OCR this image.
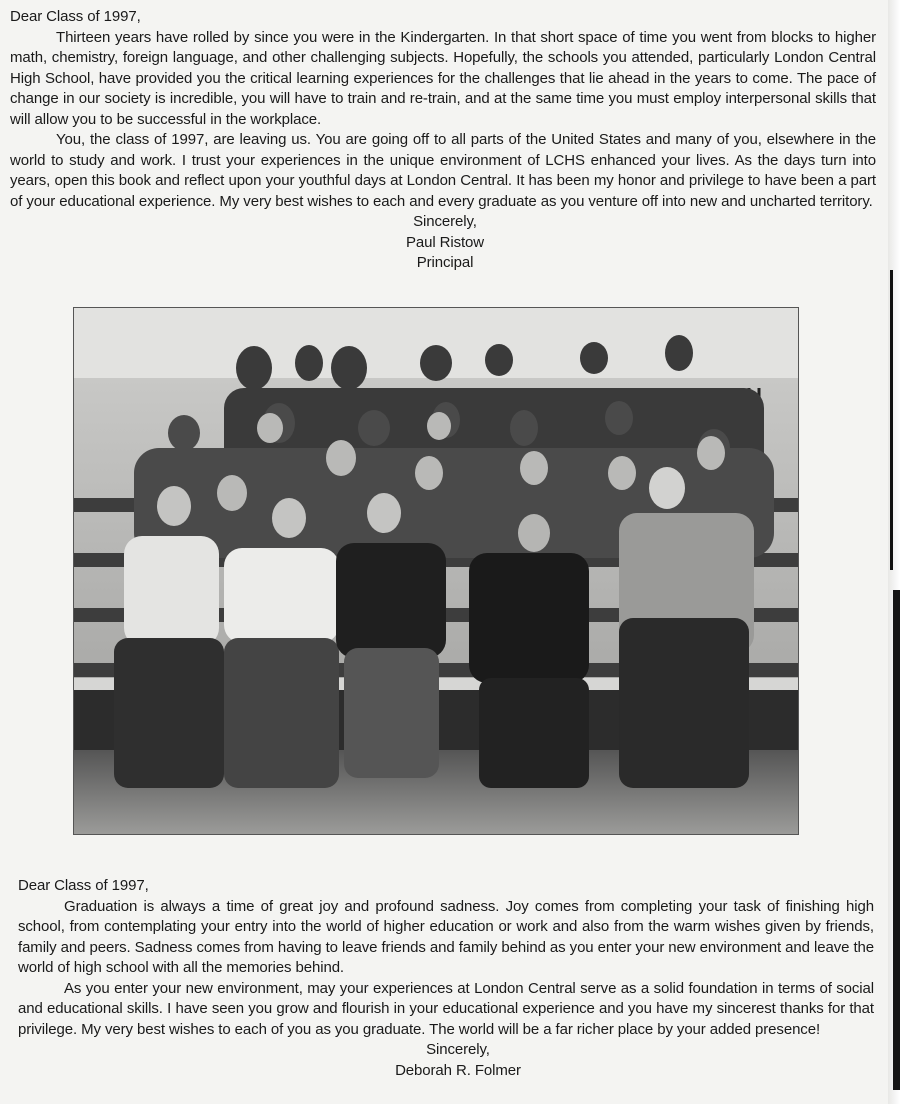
Dear Class of 1997,

Thirteen years have rolled by since you were in the Kindergarten. In that short space of time you went from blocks to higher math, chemistry, foreign language, and other challenging subjects. Hopefully, the schools you attended, particularly London Central High School, have provided you the critical learning experiences for the challenges that lie ahead in the years to come. The pace of change in our society is incredible, you will have to train and re-train, and at the same time you must employ interpersonal skills that will allow you to be successful in the workplace.

You, the class of 1997, are leaving us. You are going off to all parts of the United States and many of you, elsewhere in the world to study and work. I trust your experiences in the unique environment of LCHS enhanced your lives. As the days turn into years, open this book and reflect upon your youthful days at London Central. It has been my honor and privilege to have been a part of your educational experience. My very best wishes to each and every graduate as you venture off into new and uncharted territory.

Sincerely,
Paul Ristow
Principal
Dear Class of 1997,

Graduation is always a time of great joy and profound sadness. Joy comes from completing your task of finishing high school, from contemplating your entry into the world of higher education or work and also from the warm wishes given by friends, family and peers. Sadness comes from having to leave friends and family behind as you enter your new environment and leave the world of high school with all the memories behind.

As you enter your new environment, may your experiences at London Central serve as a solid foundation in terms of social and educational skills. I have seen you grow and flourish in your educational experience and you have my sincerest thanks for that privilege. My very best wishes to each of you as you graduate. The world will be a far richer place by your added presence!

Sincerely,
Deborah R. Folmer
